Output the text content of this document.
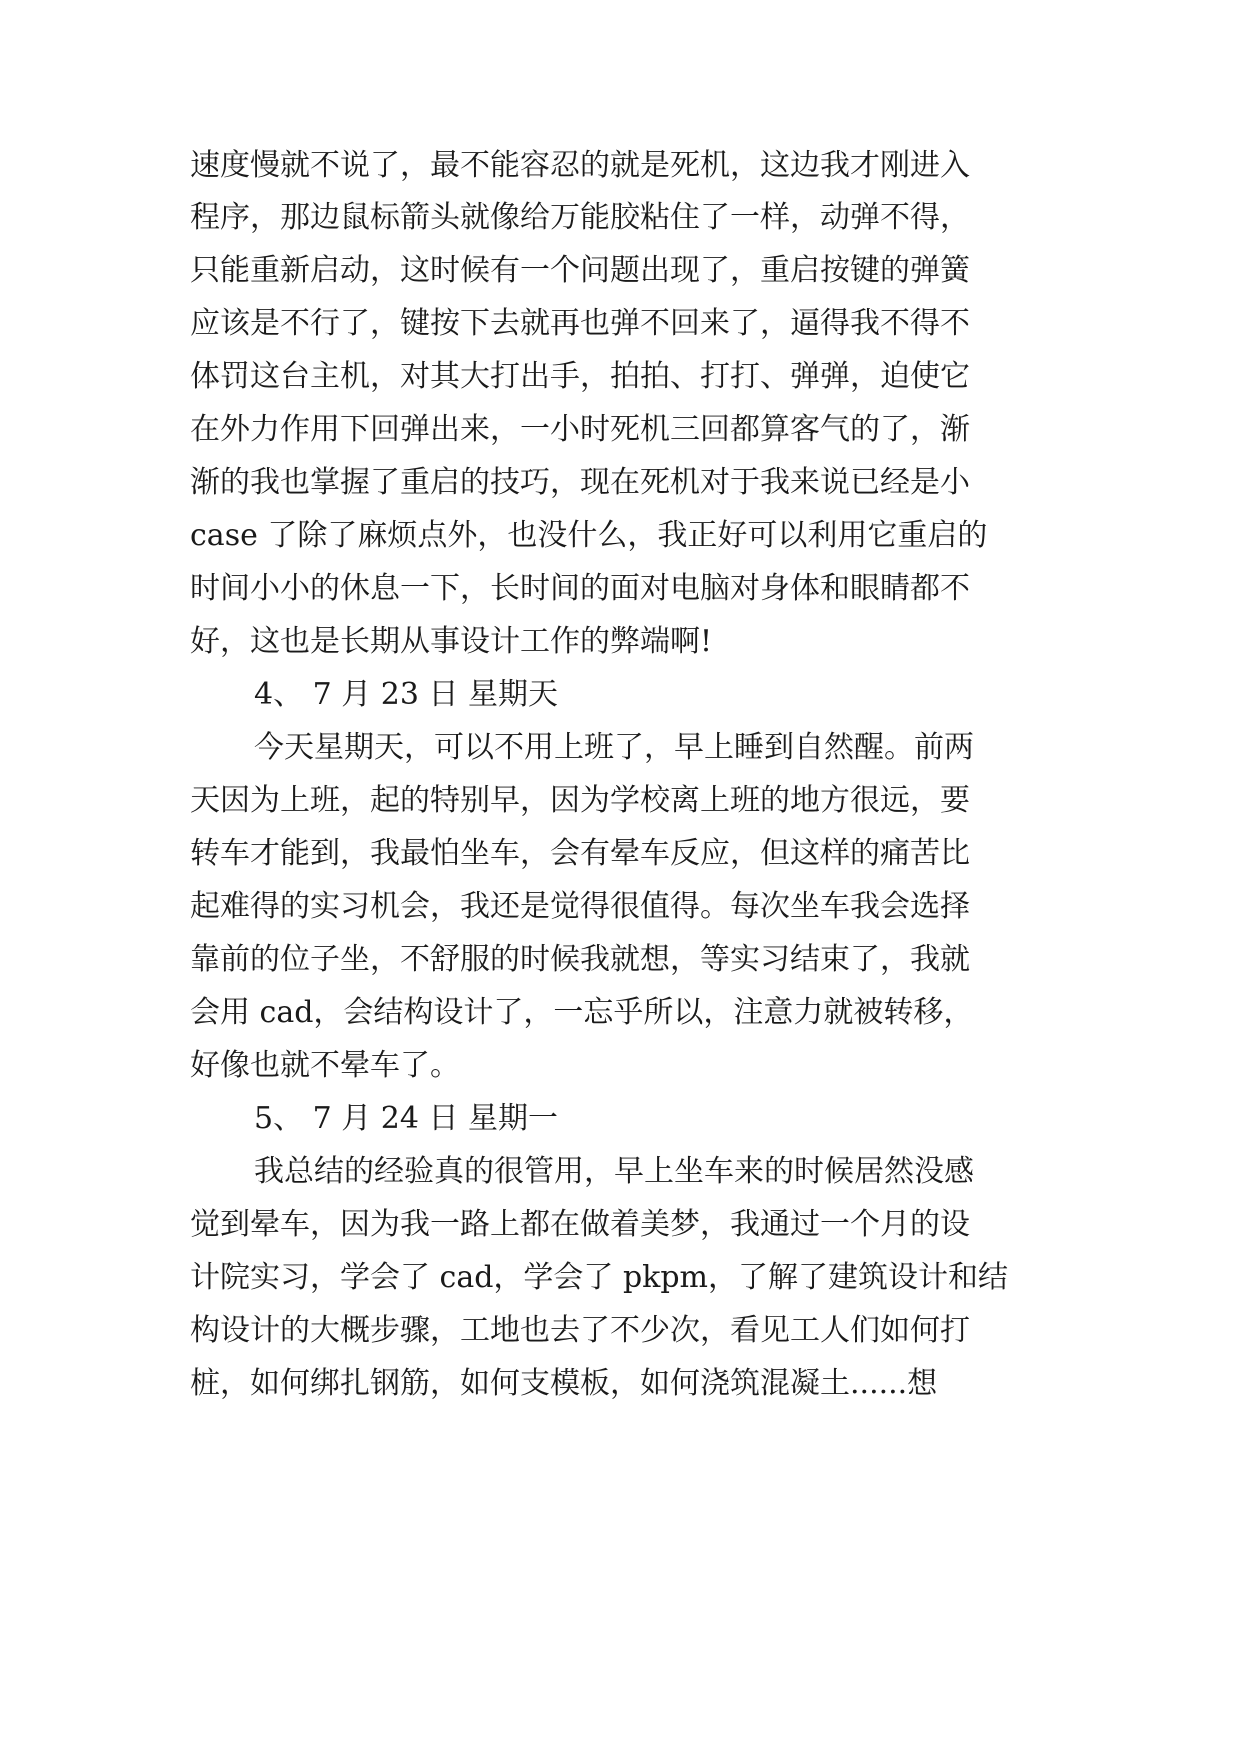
速度慢就不说了，最不能容忍的就是死机，这边我才刚进入
程序，那边鼠标箭头就像给万能胶粘住了一样，动弹不得，
只能重新启动，这时候有一个问题出现了，重启按键的弹簧
应该是不行了，键按下去就再也弹不回来了，逼得我不得不
体罚这台主机，对其大打出手，拍拍、打打、弹弹，迫使它
在外力作用下回弹出来，一小时死机三回都算客气的了，渐
渐的我也掌握了重启的技巧，现在死机对于我来说已经是小
case 了除了麻烦点外，也没什么，我正好可以利用它重启的
时间小小的休息一下，长时间的面对电脑对身体和眼睛都不
好，这也是长期从事设计工作的弊端啊!
4、 7 月 23 日 星期天
今天星期天，可以不用上班了，早上睡到自然醒。前两
天因为上班，起的特别早，因为学校离上班的地方很远，要
转车才能到，我最怕坐车，会有晕车反应，但这样的痛苦比
起难得的实习机会，我还是觉得很值得。每次坐车我会选择
靠前的位子坐，不舒服的时候我就想，等实习结束了，我就
会用 cad，会结构设计了，一忘乎所以，注意力就被转移，
好像也就不晕车了。
5、 7 月 24 日 星期一
我总结的经验真的很管用，早上坐车来的时候居然没感
觉到晕车，因为我一路上都在做着美梦，我通过一个月的设
计院实习，学会了 cad，学会了 pkpm，了解了建筑设计和结
构设计的大概步骤，工地也去了不少次，看见工人们如何打
桩，如何绑扎钢筋，如何支模板，如何浇筑混凝土......想
